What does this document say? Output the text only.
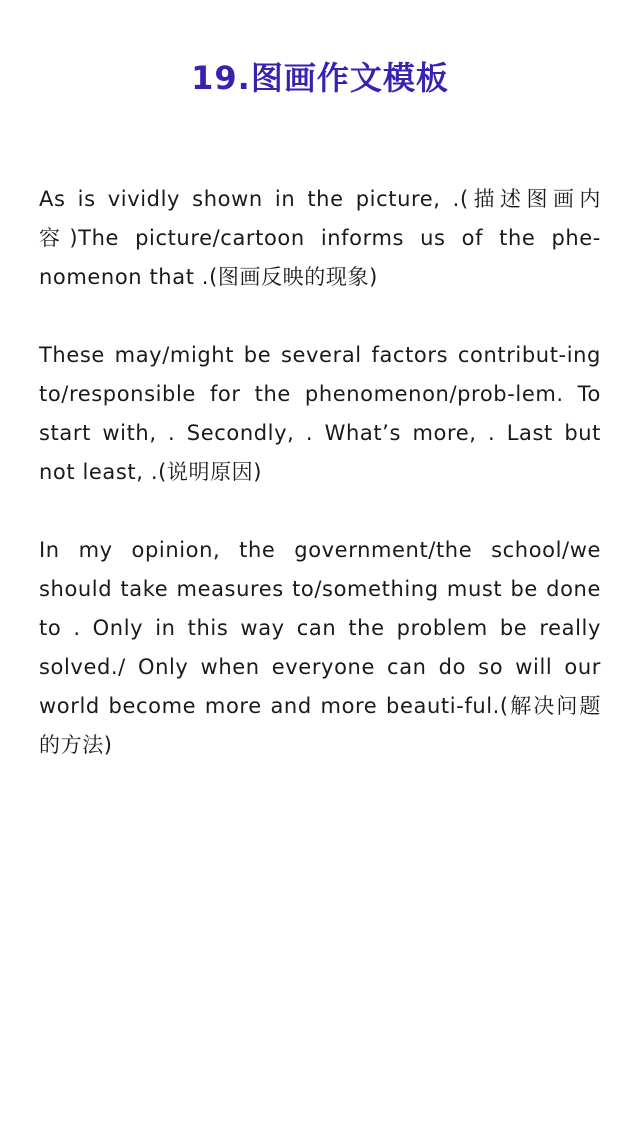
19.图画作文模板

As is vividly shown in the picture, .(描述图画内容)The picture/cartoon informs us of the phe-nomenon that .(图画反映的现象)

These may/might be several factors contribut-ing to/responsible for the phenomenon/prob-lem. To start with, . Secondly, . What’s more, . Last but not least, .(说明原因)

In my opinion, the government/the school/we should take measures to/something must be done to . Only in this way can the problem be really solved./ Only when everyone can do so will our world become more and more beauti-ful.(解决问题的方法)
